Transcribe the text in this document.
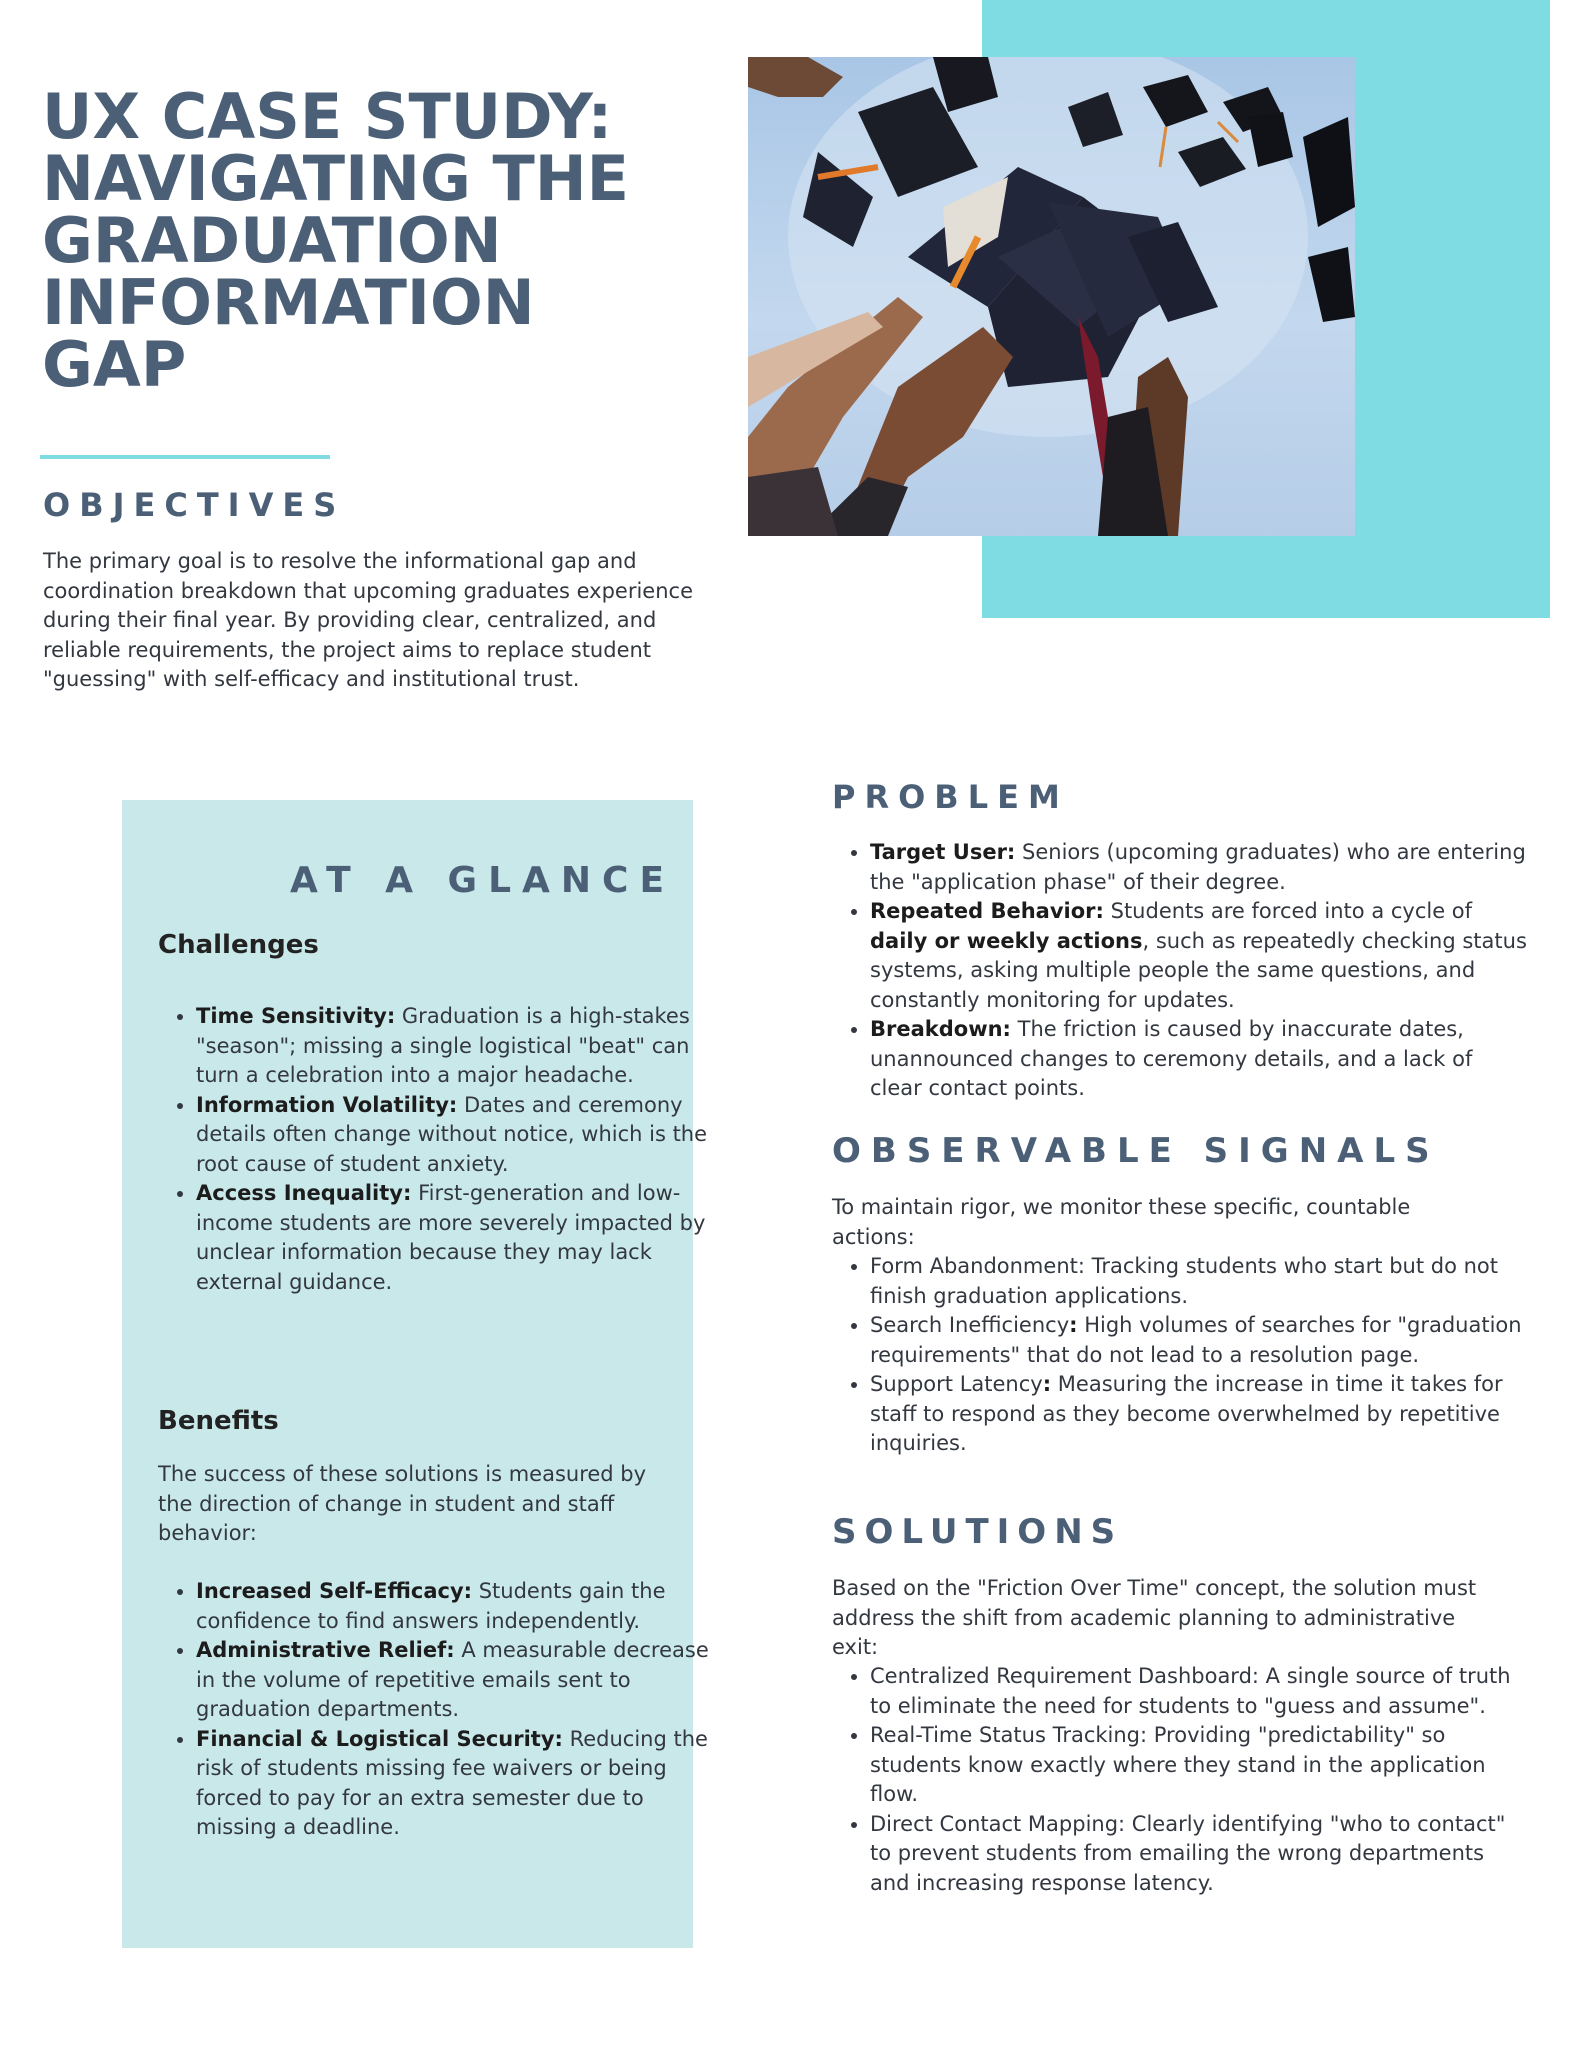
UX CASE STUDY: NAVIGATING THE GRADUATION INFORMATION GAP
OBJECTIVES

The primary goal is to resolve the informational gap and coordination breakdown that upcoming graduates experience during their final year. By providing clear, centralized, and reliable requirements, the project aims to replace student "guessing" with self-efficacy and institutional trust.

AT A GLANCE
Challenges
• Time Sensitivity: Graduation is a high-stakes "season"; missing a single logistical "beat" can turn a celebration into a major headache.
• Information Volatility: Dates and ceremony details often change without notice, which is the root cause of student anxiety.
• Access Inequality: First-generation and low-income students are more severely impacted by unclear information because they may lack external guidance.
Benefits

The success of these solutions is measured by the direction of change in student and staff behavior:

• Increased Self-Efficacy: Students gain the confidence to find answers independently.
• Administrative Relief: A measurable decrease in the volume of repetitive emails sent to graduation departments.
• Financial & Logistical Security: Reducing the risk of students missing fee waivers or being forced to pay for an extra semester due to missing a deadline.
PROBLEM
• Target User: Seniors (upcoming graduates) who are entering the "application phase" of their degree.
• Repeated Behavior: Students are forced into a cycle of daily or weekly actions, such as repeatedly checking status systems, asking multiple people the same questions, and constantly monitoring for updates.
• Breakdown: The friction is caused by inaccurate dates, unannounced changes to ceremony details, and a lack of clear contact points.
OBSERVABLE SIGNALS

To maintain rigor, we monitor these specific, countable actions:

• Form Abandonment: Tracking students who start but do not finish graduation applications.
• Search Inefficiency: High volumes of searches for "graduation requirements" that do not lead to a resolution page.
• Support Latency: Measuring the increase in time it takes for staff to respond as they become overwhelmed by repetitive inquiries.
SOLUTIONS

Based on the "Friction Over Time" concept, the solution must address the shift from academic planning to administrative exit:

• Centralized Requirement Dashboard: A single source of truth to eliminate the need for students to "guess and assume".
• Real-Time Status Tracking: Providing "predictability" so students know exactly where they stand in the application flow.
• Direct Contact Mapping: Clearly identifying "who to contact" to prevent students from emailing the wrong departments and increasing response latency.
